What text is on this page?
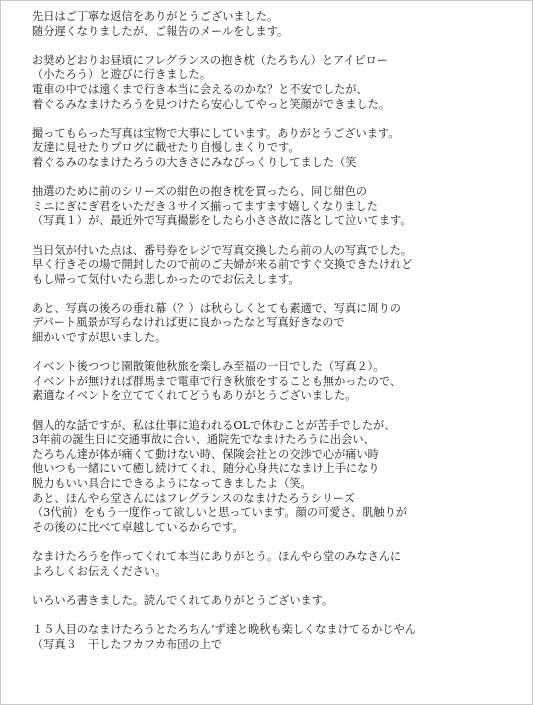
先日はご丁寧な返信をありがとうございました。
随分遅くなりましたが、ご報告のメールをします。

お奨めどおりお昼頃にフレグランスの抱き枕（たろちん）とアイピロー
（小たろう）と遊びに行きました。
電車の中では遠くまで行き本当に会えるのかな？と不安でしたが、
着ぐるみなまけたろうを見つけたら安心してやっと笑顔ができました。

撮ってもらった写真は宝物で大事にしています。ありがとうございます。
友達に見せたりブログに載せたり自慢しまくりです。
着ぐるみのなまけたろうの大きさにみなびっくりしてました（笑

抽選のために前のシリーズの紺色の抱き枕を買ったら、同じ紺色の
ミニにぎにぎ君をいただき３サイズ揃ってますます嬉しくなりました
（写真１）が、最近外で写真撮影をしたら小ささ故に落として泣いてます。

当日気が付いた点は、番号券をレジで写真交換したら前の人の写真でした。
早く行きその場で開封したので前のご夫婦が来る前ですぐ交換できたけれど
もし帰って気付いたら悲しかったのでお伝えします。

あと、写真の後ろの垂れ幕（？）は秋らしくとても素適で、写真に周りの
デパート風景が写らなければ更に良かったなと写真好きなので
細かいですが思いました。

イベント後つつじ園散策他秋旅を楽しみ至福の一日でした（写真２）。
イベントが無ければ群馬まで電車で行き秋旅をすることも無かったので、
素適なイベントを立ててくれてどうもありがとうございました。

個人的な話ですが、私は仕事に追われるOLで休むことが苦手でしたが、
3年前の誕生日に交通事故に合い、通院先でなまけたろうに出会い、
たろちん達が体が痛くて動けない時、保険会社との交渉で心が痛い時
他いつも一緒にいて癒し続けてくれ、随分心身共になまけ上手になり
脱力もいい具合にできるようになってきましたよ（笑。
あと、ほんやら堂さんにはフレグランスのなまけたろうシリーズ
（3代前）をもう一度作って欲しいと思っています。顔の可愛さ、肌触りが
その後のに比べて卓越しているからです。

なまけたろうを作ってくれて本当にありがとう。ほんやら堂のみなさんに
よろしくお伝えください。

いろいろ書きました。読んでくれてありがとうございます。

１５人目のなまけたろうとたろちん’ず達と晩秋も楽しくなまけてるかじやん
（写真３　干したフカフカ布団の上で
